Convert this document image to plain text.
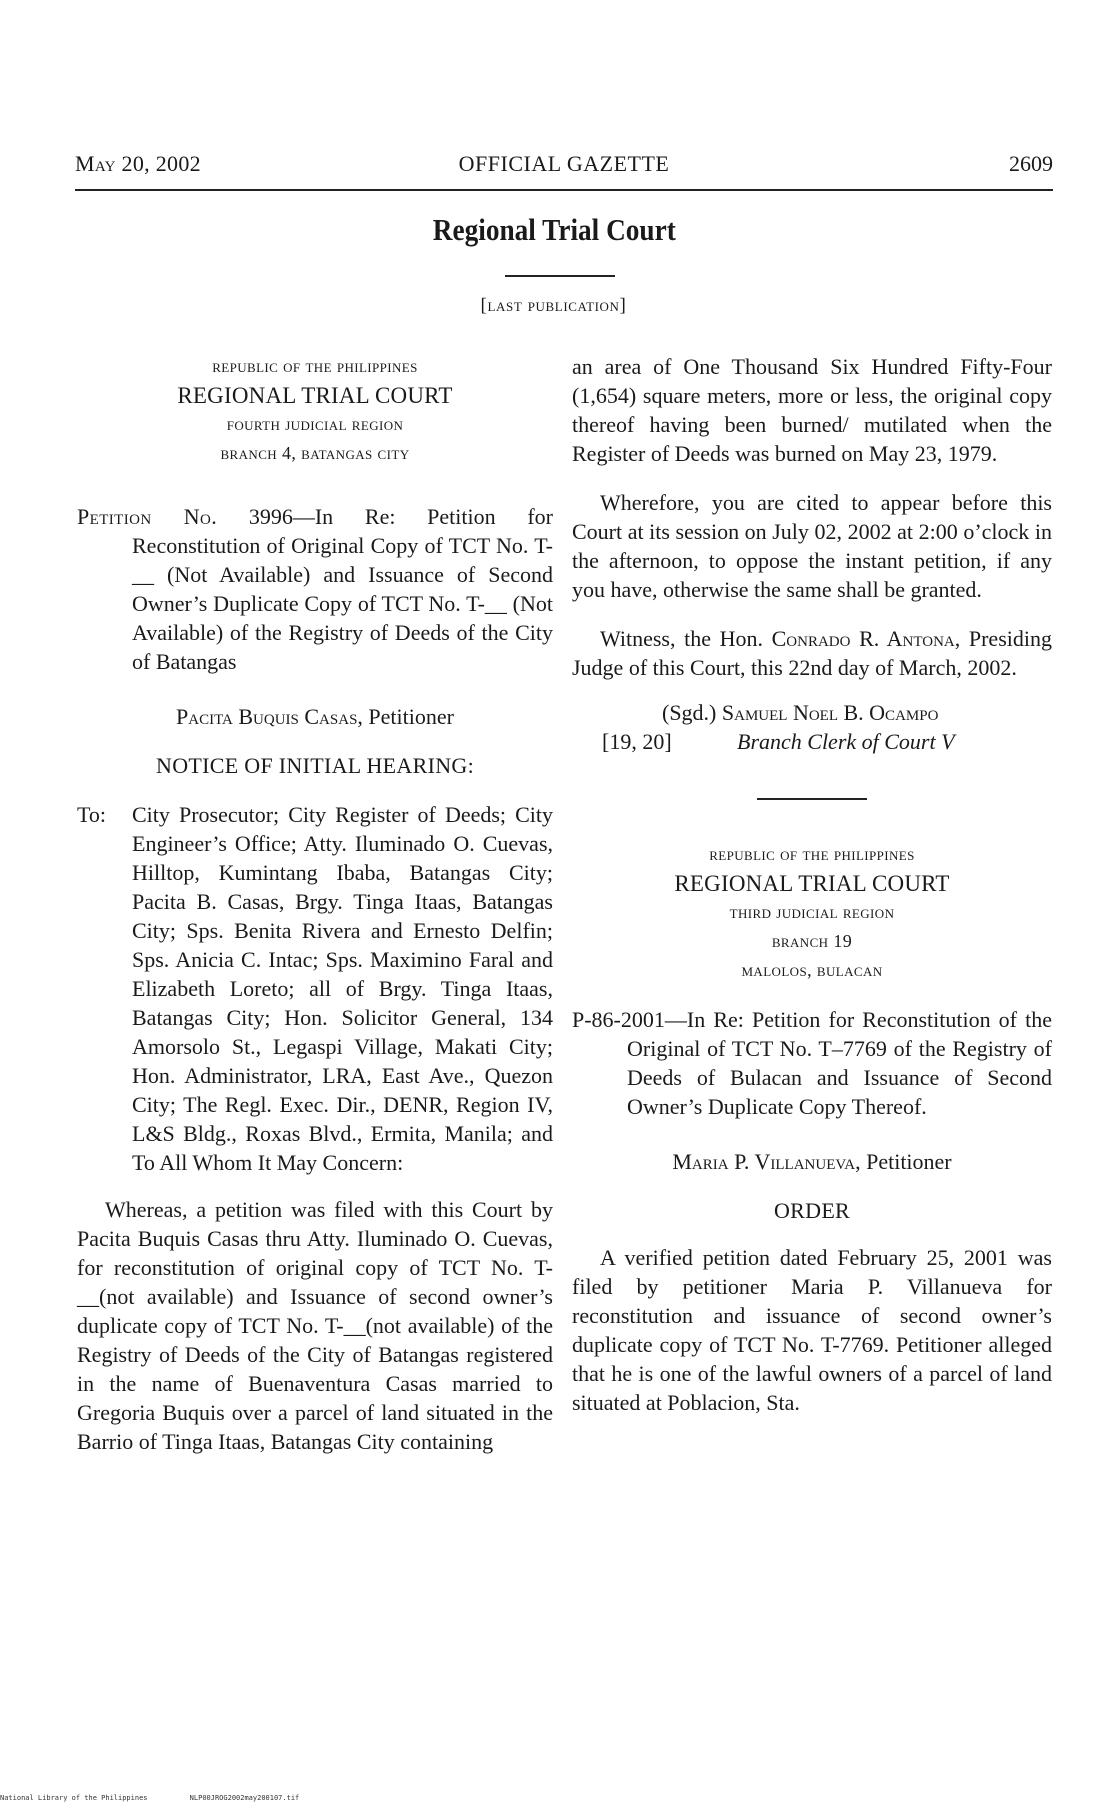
May 20, 2002	OFFICIAL GAZETTE	2609
Regional Trial Court
[last publication]
republic of the philippines
REGIONAL TRIAL COURT
fourth judicial region
branch 4, batangas city
Petition No. 3996—In Re: Petition for Reconstitution of Original Copy of TCT No. T-__ (Not Available) and Issuance of Second Owner’s Duplicate Copy of TCT No. T-__ (Not Available) of the Registry of Deeds of the City of Batangas
Pacita Buquis Casas, Petitioner
NOTICE OF INITIAL HEARING:
To:	City Prosecutor; City Register of Deeds; City Engineer’s Office; Atty. Iluminado O. Cuevas, Hilltop, Kumintang Ibaba, Batangas City; Pacita B. Casas, Brgy. Tinga Itaas, Batangas City; Sps. Benita Rivera and Ernesto Delfin; Sps. Anicia C. Intac; Sps. Maximino Faral and Elizabeth Loreto; all of Brgy. Tinga Itaas, Batangas City; Hon. Solicitor General, 134 Amorsolo St., Legaspi Village, Makati City; Hon. Administrator, LRA, East Ave., Quezon City; The Regl. Exec. Dir., DENR, Region IV, L&S Bldg., Roxas Blvd., Ermita, Manila; and To All Whom It May Concern:
Whereas, a petition was filed with this Court by Pacita Buquis Casas thru Atty. Iluminado O. Cuevas, for reconstitution of original copy of TCT No. T-__(not available) and Issuance of second owner’s duplicate copy of TCT No. T-__(not available) of the Registry of Deeds of the City of Batangas registered in the name of Buenaventura Casas married to Gregoria Buquis over a parcel of land situated in the Barrio of Tinga Itaas, Batangas City containing
an area of One Thousand Six Hundred Fifty-Four (1,654) square meters, more or less, the original copy thereof having been burned/ mutilated when the Register of Deeds was burned on May 23, 1979.
Wherefore, you are cited to appear before this Court at its session on July 02, 2002 at 2:00 o’clock in the afternoon, to oppose the instant petition, if any you have, otherwise the same shall be granted.
Witness, the Hon. Conrado R. Antona, Presiding Judge of this Court, this 22nd day of March, 2002.
(Sgd.) Samuel Noel B. Ocampo
[19, 20]	Branch Clerk of Court V
republic of the philippines
REGIONAL TRIAL COURT
third judicial region
branch 19
malolos, bulacan
P-86-2001—In Re: Petition for Reconstitution of the Original of TCT No. T–7769 of the Registry of Deeds of Bulacan and Issuance of Second Owner’s Duplicate Copy Thereof.
Maria P. Villanueva, Petitioner
ORDER
A verified petition dated February 25, 2001 was filed by petitioner Maria P. Villanueva for reconstitution and issuance of second owner’s duplicate copy of TCT No. T-7769. Petitioner alleged that he is one of the lawful owners of a parcel of land situated at Poblacion, Sta.
National Library of the Philippines	NLP00JROG2002may200107.tif
